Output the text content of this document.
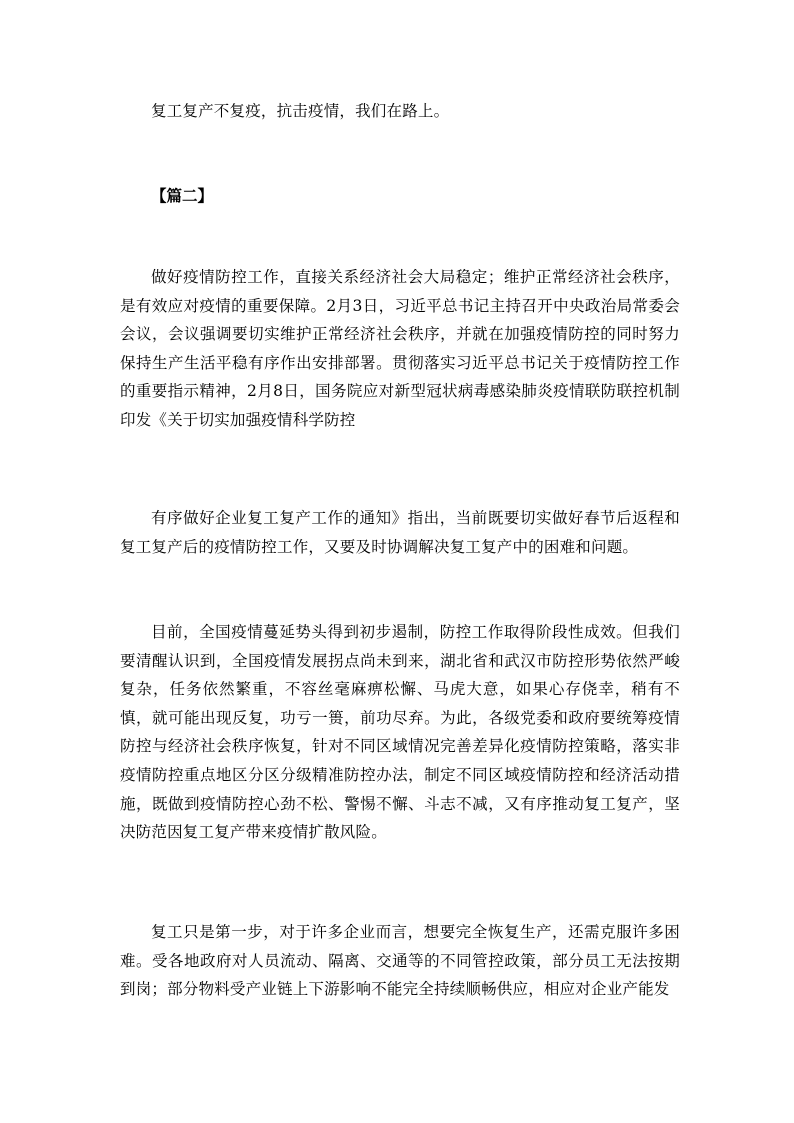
复工复产不复疫，抗击疫情，我们在路上。

【篇二】

做好疫情防控工作，直接关系经济社会大局稳定；维护正常经济社会秩序，是有效应对疫情的重要保障。2月3日，习近平总书记主持召开中央政治局常委会会议，会议强调要切实维护正常经济社会秩序，并就在加强疫情防控的同时努力保持生产生活平稳有序作出安排部署。贯彻落实习近平总书记关于疫情防控工作的重要指示精神，2月8日，国务院应对新型冠状病毒感染肺炎疫情联防联控机制印发《关于切实加强疫情科学防控

有序做好企业复工复产工作的通知》指出，当前既要切实做好春节后返程和复工复产后的疫情防控工作，又要及时协调解决复工复产中的困难和问题。

目前，全国疫情蔓延势头得到初步遏制，防控工作取得阶段性成效。但我们要清醒认识到，全国疫情发展拐点尚未到来，湖北省和武汉市防控形势依然严峻复杂，任务依然繁重，不容丝毫麻痹松懈、马虎大意，如果心存侥幸，稍有不慎，就可能出现反复，功亏一篑，前功尽弃。为此，各级党委和政府要统筹疫情防控与经济社会秩序恢复，针对不同区域情况完善差异化疫情防控策略，落实非疫情防控重点地区分区分级精准防控办法，制定不同区域疫情防控和经济活动措施，既做到疫情防控心劲不松、警惕不懈、斗志不减，又有序推动复工复产，坚决防范因复工复产带来疫情扩散风险。

复工只是第一步，对于许多企业而言，想要完全恢复生产，还需克服许多困难。受各地政府对人员流动、隔离、交通等的不同管控政策，部分员工无法按期到岗；部分物料受产业链上下游影响不能完全持续顺畅供应，相应对企业产能发
